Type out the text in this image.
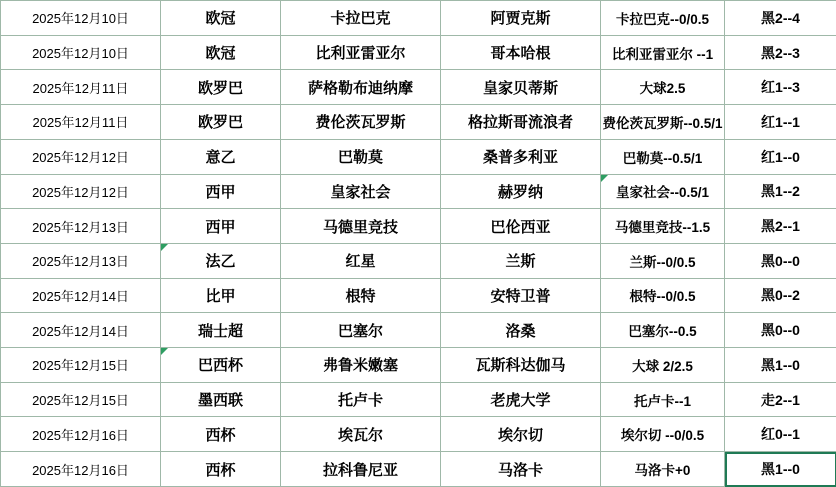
2025年12月10日	欧冠	卡拉巴克	阿贾克斯	卡拉巴克--0/0.5	黑2--4
2025年12月10日	欧冠	比利亚雷亚尔	哥本哈根	比利亚雷亚尔 --1	黑2--3
2025年12月11日	欧罗巴	萨格勒布迪纳摩	皇家贝蒂斯	大球2.5	红1--3
2025年12月11日	欧罗巴	费伦茨瓦罗斯	格拉斯哥流浪者	费伦茨瓦罗斯--0.5/1	红1--1
2025年12月12日	意乙	巴勒莫	桑普多利亚	巴勒莫--0.5/1	红1--0
2025年12月12日	西甲	皇家社会	赫罗纳	皇家社会--0.5/1	黑1--2
2025年12月13日	西甲	马德里竞技	巴伦西亚	马德里竞技--1.5	黑2--1
2025年12月13日	法乙	红星	兰斯	兰斯--0/0.5	黑0--0
2025年12月14日	比甲	根特	安特卫普	根特--0/0.5	黑0--2
2025年12月14日	瑞士超	巴塞尔	洛桑	巴塞尔--0.5	黑0--0
2025年12月15日	巴西杯	弗鲁米嫩塞	瓦斯科达伽马	大球 2/2.5	黑1--0
2025年12月15日	墨西联	托卢卡	老虎大学	托卢卡--1	走2--1
2025年12月16日	西杯	埃瓦尔	埃尔切	埃尔切 --0/0.5	红0--1
2025年12月16日	西杯	拉科鲁尼亚	马洛卡	马洛卡+0	黑1--0
